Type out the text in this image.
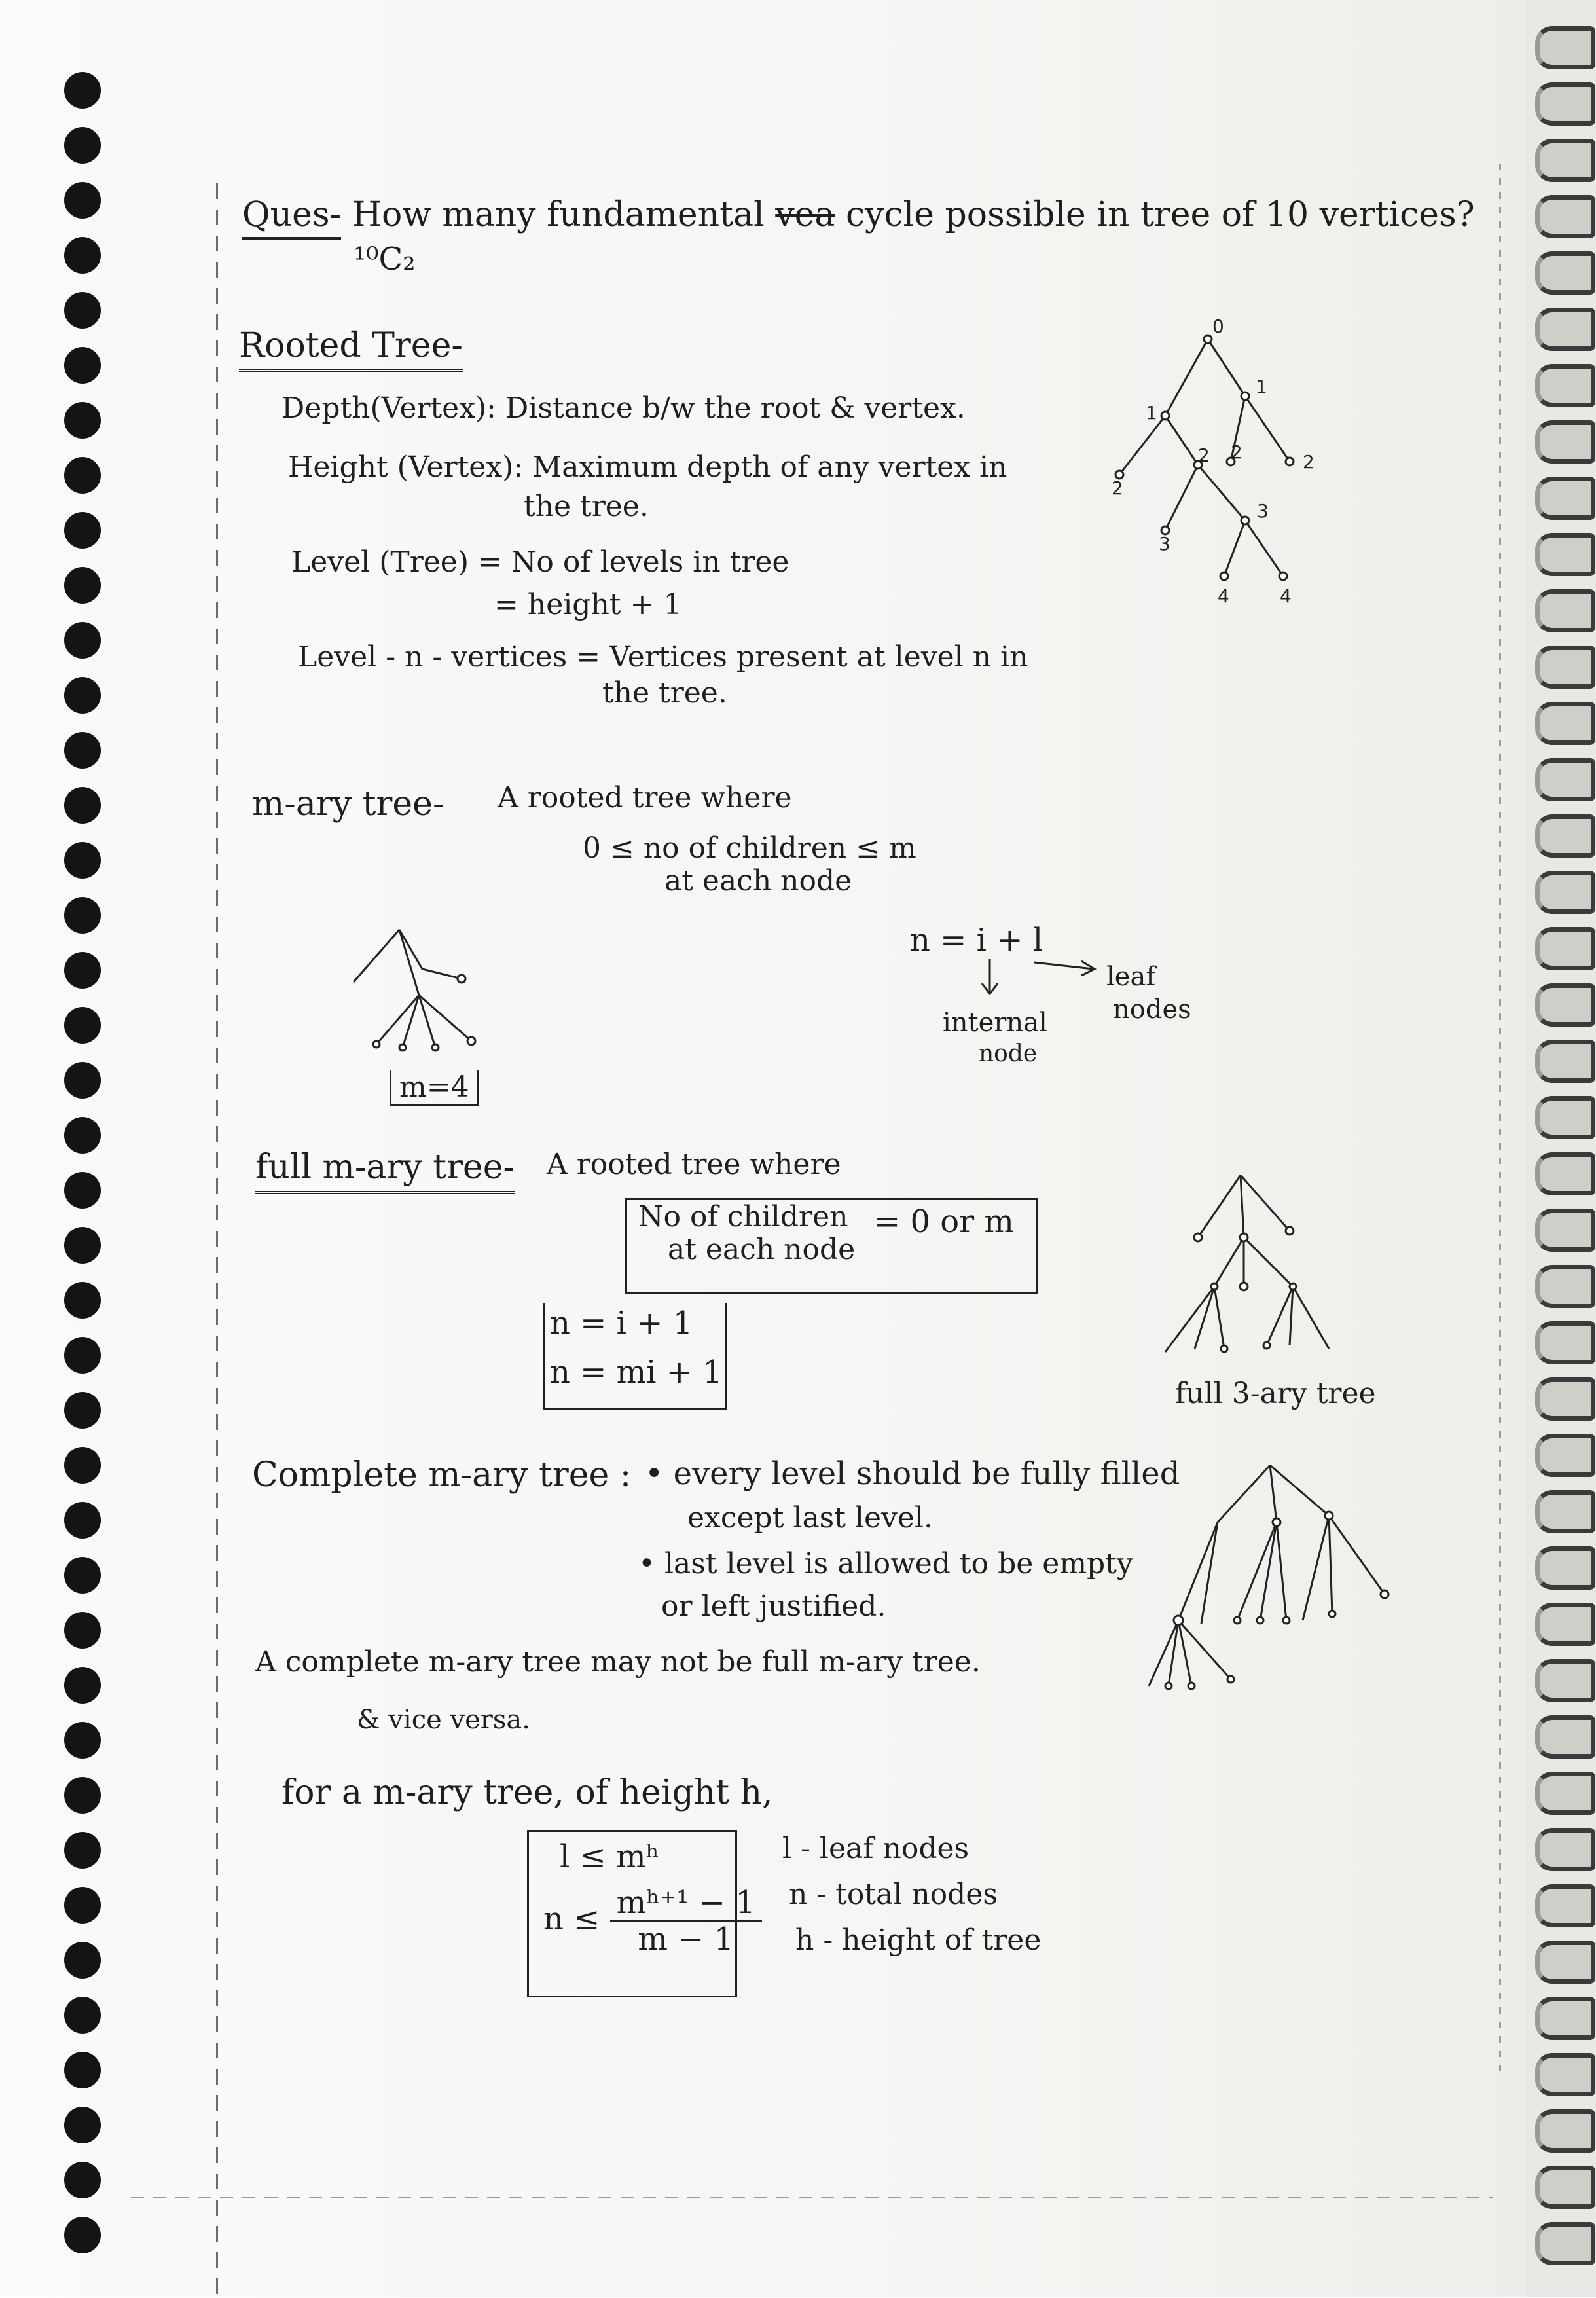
Ques- How many fundamental vea cycle possible in tree of 10 vertices?
¹⁰C₂
Rooted Tree-
Depth(Vertex): Distance b/w the root & vertex.
Height (Vertex): Maximum depth of any vertex in
the tree.
Level (Tree) = No of levels in tree
= height + 1
Level - n - vertices = Vertices present at level n in
the tree.
0
1
1
2
2 2	2
3
3
4	4
m-ary tree- A rooted tree where
0 ≤ no of children ≤ m
at each node
m=4
n = i + l
internal
node
leaf
nodes
full m-ary tree- A rooted tree where
No of children
at each node
= 0 or m
n = i + 1
n = mi + 1
full 3-ary tree
Complete m-ary tree : • every level should be fully filled
except last level.
• last level is allowed to be empty
or left justified.
A complete m-ary tree may not be full m-ary tree.
& vice versa.
for a m-ary tree, of height h,
l ≤ mʰ
$n \le \frac{\text{mʰ⁺¹ − 1}}{m - 1}$
l - leaf nodes
n - total nodes
h - height of tree
